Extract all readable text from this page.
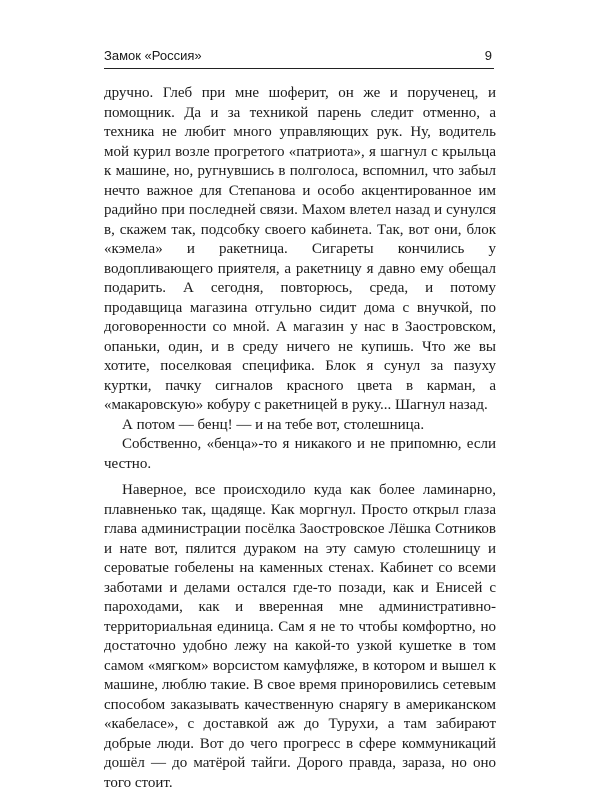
Замок «Россия»	9

дручно. Глеб при мне шоферит, он же и порученец, и помощник. Да и за техникой парень следит отменно, а техника не любит много управляющих рук. Ну, водитель мой курил возле прогретого «патриота», я шагнул с крыльца к машине, но, ругнувшись в полголоса, вспомнил, что забыл нечто важное для Степанова и особо акцентированное им радийно при последней связи. Махом влетел назад и сунулся в, скажем так, подсобку своего кабинета. Так, вот они, блок «кэмела» и ракетница. Сигареты кончились у водопливающего приятеля, а ракетницу я давно ему обещал подарить. А сегодня, повторюсь, среда, и потому продавщица магазина отгульно сидит дома с внучкой, по договоренности со мной. А магазин у нас в Заостровском, опаньки, один, и в среду ничего не купишь. Что же вы хотите, поселковая специфика. Блок я сунул за пазуху куртки, пачку сигналов красного цвета в карман, а «макаровскую» кобуру с ракетницей в руку... Шагнул назад.

А потом — бенц! — и на тебе вот, столешница.

Собственно, «бенца»-то я никакого и не припомню, если честно.

Наверное, все происходило куда как более ламинарно, плавненько так, щадяще. Как моргнул. Просто открыл глаза глава администрации посёлка Заостровское Лёшка Сотников и нате вот, пялится дураком на эту самую столешницу и сероватые гобелены на каменных стенах. Кабинет со всеми заботами и делами остался где-то позади, как и Енисей с пароходами, как и вверенная мне административно-территориальная единица. Сам я не то чтобы комфортно, но достаточно удобно лежу на какой-то узкой кушетке в том самом «мягком» ворсистом камуфляже, в котором и вышел к машине, люблю такие. В свое время приноровились сетевым способом заказывать качественную снарягу в американском «кабеласе», с доставкой аж до Турухи, а там забирают добрые люди. Вот до чего прогресс в сфере коммуникаций дошёл — до матёрой тайги. Дорого правда, зараза, но оно того стоит.
